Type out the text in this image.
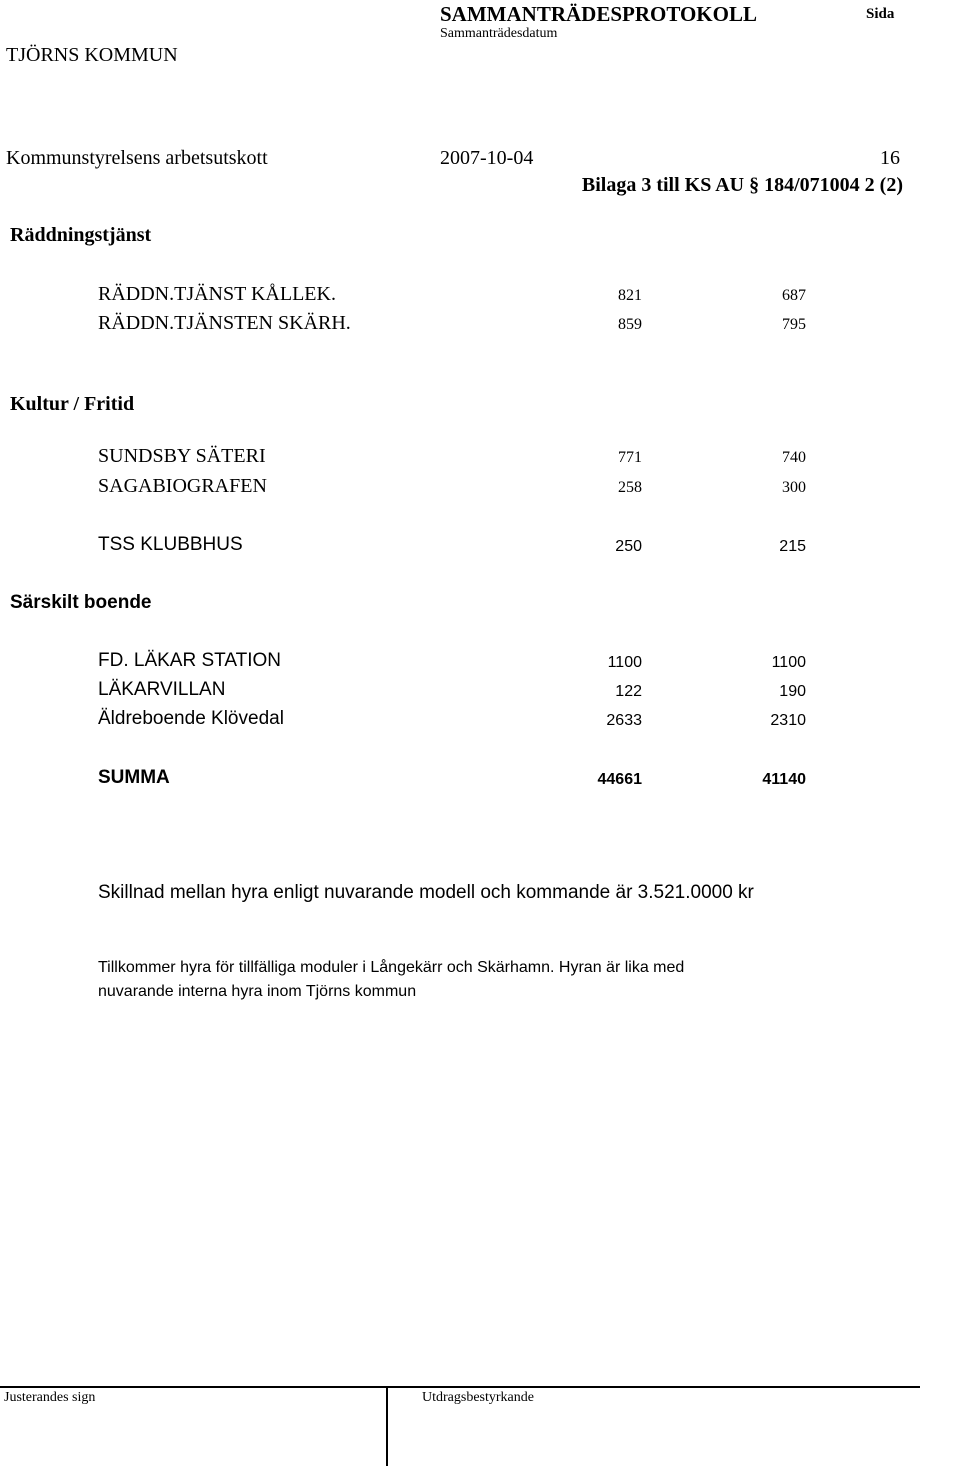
SAMMANTRÄDESPROTOKOLL
Sammanträdesdatum
Sida
TJÖRNS KOMMUN
Kommunstyrelsens arbetsutskott	2007-10-04	16
Bilaga 3 till KS AU § 184/071004 2 (2)
Räddningstjänst
RÄDDN.TJÄNST KÅLLEK.	821	687
RÄDDN.TJÄNSTEN SKÄRH.	859	795
Kultur / Fritid
SUNDSBY SÄTERI	771	740
SAGABIOGRAFEN	258	300
TSS KLUBBHUS	250	215
Särskilt boende
FD. LÄKAR STATION	1100	1100
LÄKARVILLAN	122	190
Äldreboende Klövedal	2633	2310
SUMMA	44661	41140
Skillnad mellan hyra enligt nuvarande modell och kommande är 3.521.0000 kr
Tillkommer hyra för tillfälliga moduler i Långekärr och Skärhamn. Hyran är lika med
nuvarande interna hyra inom Tjörns kommun
Justerandes sign	Utdragsbestyrkande
